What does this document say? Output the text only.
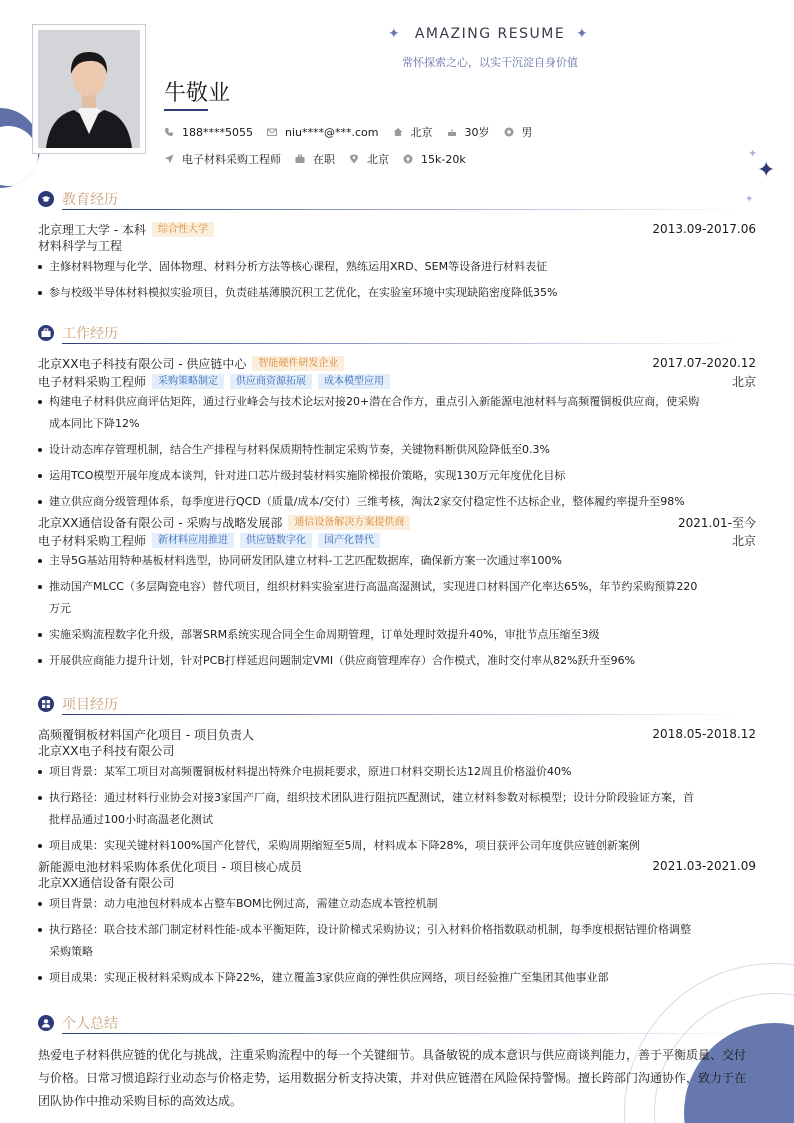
✦	AMAZING RESUME ✦
常怀探索之心，以实干沉淀自身价值
✦
✦
✦
牛敬业
188****5055	niu****@***.com	北京	30岁	男
电子材料采购工程师	在职	北京	15k-20k
教育经历
北京理工大学 - 本科	综合性大学	2013.09-2017.06
材料科学与工程
主修材料物理与化学、固体物理、材料分析方法等核心课程，熟练运用XRD、SEM等设备进行材料表征
参与校级半导体材料模拟实验项目，负责硅基薄膜沉积工艺优化，在实验室环境中实现缺陷密度降低35%
工作经历
北京XX电子科技有限公司 - 供应链中心	智能硬件研发企业	2017.07-2020.12
电子材料采购工程师	采购策略制定	供应商资源拓展	成本模型应用	北京
构建电子材料供应商评估矩阵，通过行业峰会与技术论坛对接20+潜在合作方，重点引入新能源电池材料与高频覆铜板供应商，使采购
成本同比下降12%
设计动态库存管理机制，结合生产排程与材料保质期特性制定采购节奏，关键物料断供风险降低至0.3%
运用TCO模型开展年度成本谈判，针对进口芯片级封装材料实施阶梯报价策略，实现130万元年度优化目标
建立供应商分级管理体系，每季度进行QCD（质量/成本/交付）三维考核，淘汰2家交付稳定性不达标企业，整体履约率提升至98%
北京XX通信设备有限公司 - 采购与战略发展部	通信设备解决方案提供商	2021.01-至今
电子材料采购工程师	新材料应用推进	供应链数字化	国产化替代	北京
主导5G基站用特种基板材料选型，协同研发团队建立材料-工艺匹配数据库，确保新方案一次通过率100%
推动国产MLCC（多层陶瓷电容）替代项目，组织材料实验室进行高温高湿测试，实现进口材料国产化率达65%，年节约采购预算220
万元
实施采购流程数字化升级，部署SRM系统实现合同全生命周期管理，订单处理时效提升40%，审批节点压缩至3级
开展供应商能力提升计划，针对PCB打样延迟问题制定VMI（供应商管理库存）合作模式，准时交付率从82%跃升至96%
项目经历
高频覆铜板材料国产化项目 - 项目负责人	2018.05-2018.12
北京XX电子科技有限公司
项目背景：某军工项目对高频覆铜板材料提出特殊介电损耗要求，原进口材料交期长达12周且价格溢价40%
执行路径：通过材料行业协会对接3家国产厂商，组织技术团队进行阻抗匹配测试，建立材料参数对标模型；设计分阶段验证方案，首
批样品通过100小时高温老化测试
项目成果：实现关键材料100%国产化替代，采购周期缩短至5周，材料成本下降28%，项目获评公司年度供应链创新案例
新能源电池材料采购体系优化项目 - 项目核心成员	2021.03-2021.09
北京XX通信设备有限公司
项目背景：动力电池包材料成本占整车BOM比例过高，需建立动态成本管控机制
执行路径：联合技术部门制定材料性能-成本平衡矩阵，设计阶梯式采购协议；引入材料价格指数联动机制，每季度根据钴锂价格调整
采购策略
项目成果：实现正极材料采购成本下降22%，建立覆盖3家供应商的弹性供应网络，项目经验推广至集团其他事业部
个人总结
热爱电子材料供应链的优化与挑战，注重采购流程中的每一个关键细节。具备敏锐的成本意识与供应商谈判能力，善于平衡质量、交付
与价格。日常习惯追踪行业动态与价格走势，运用数据分析支持决策，并对供应链潜在风险保持警惕。擅长跨部门沟通协作，致力于在
团队协作中推动采购目标的高效达成。
